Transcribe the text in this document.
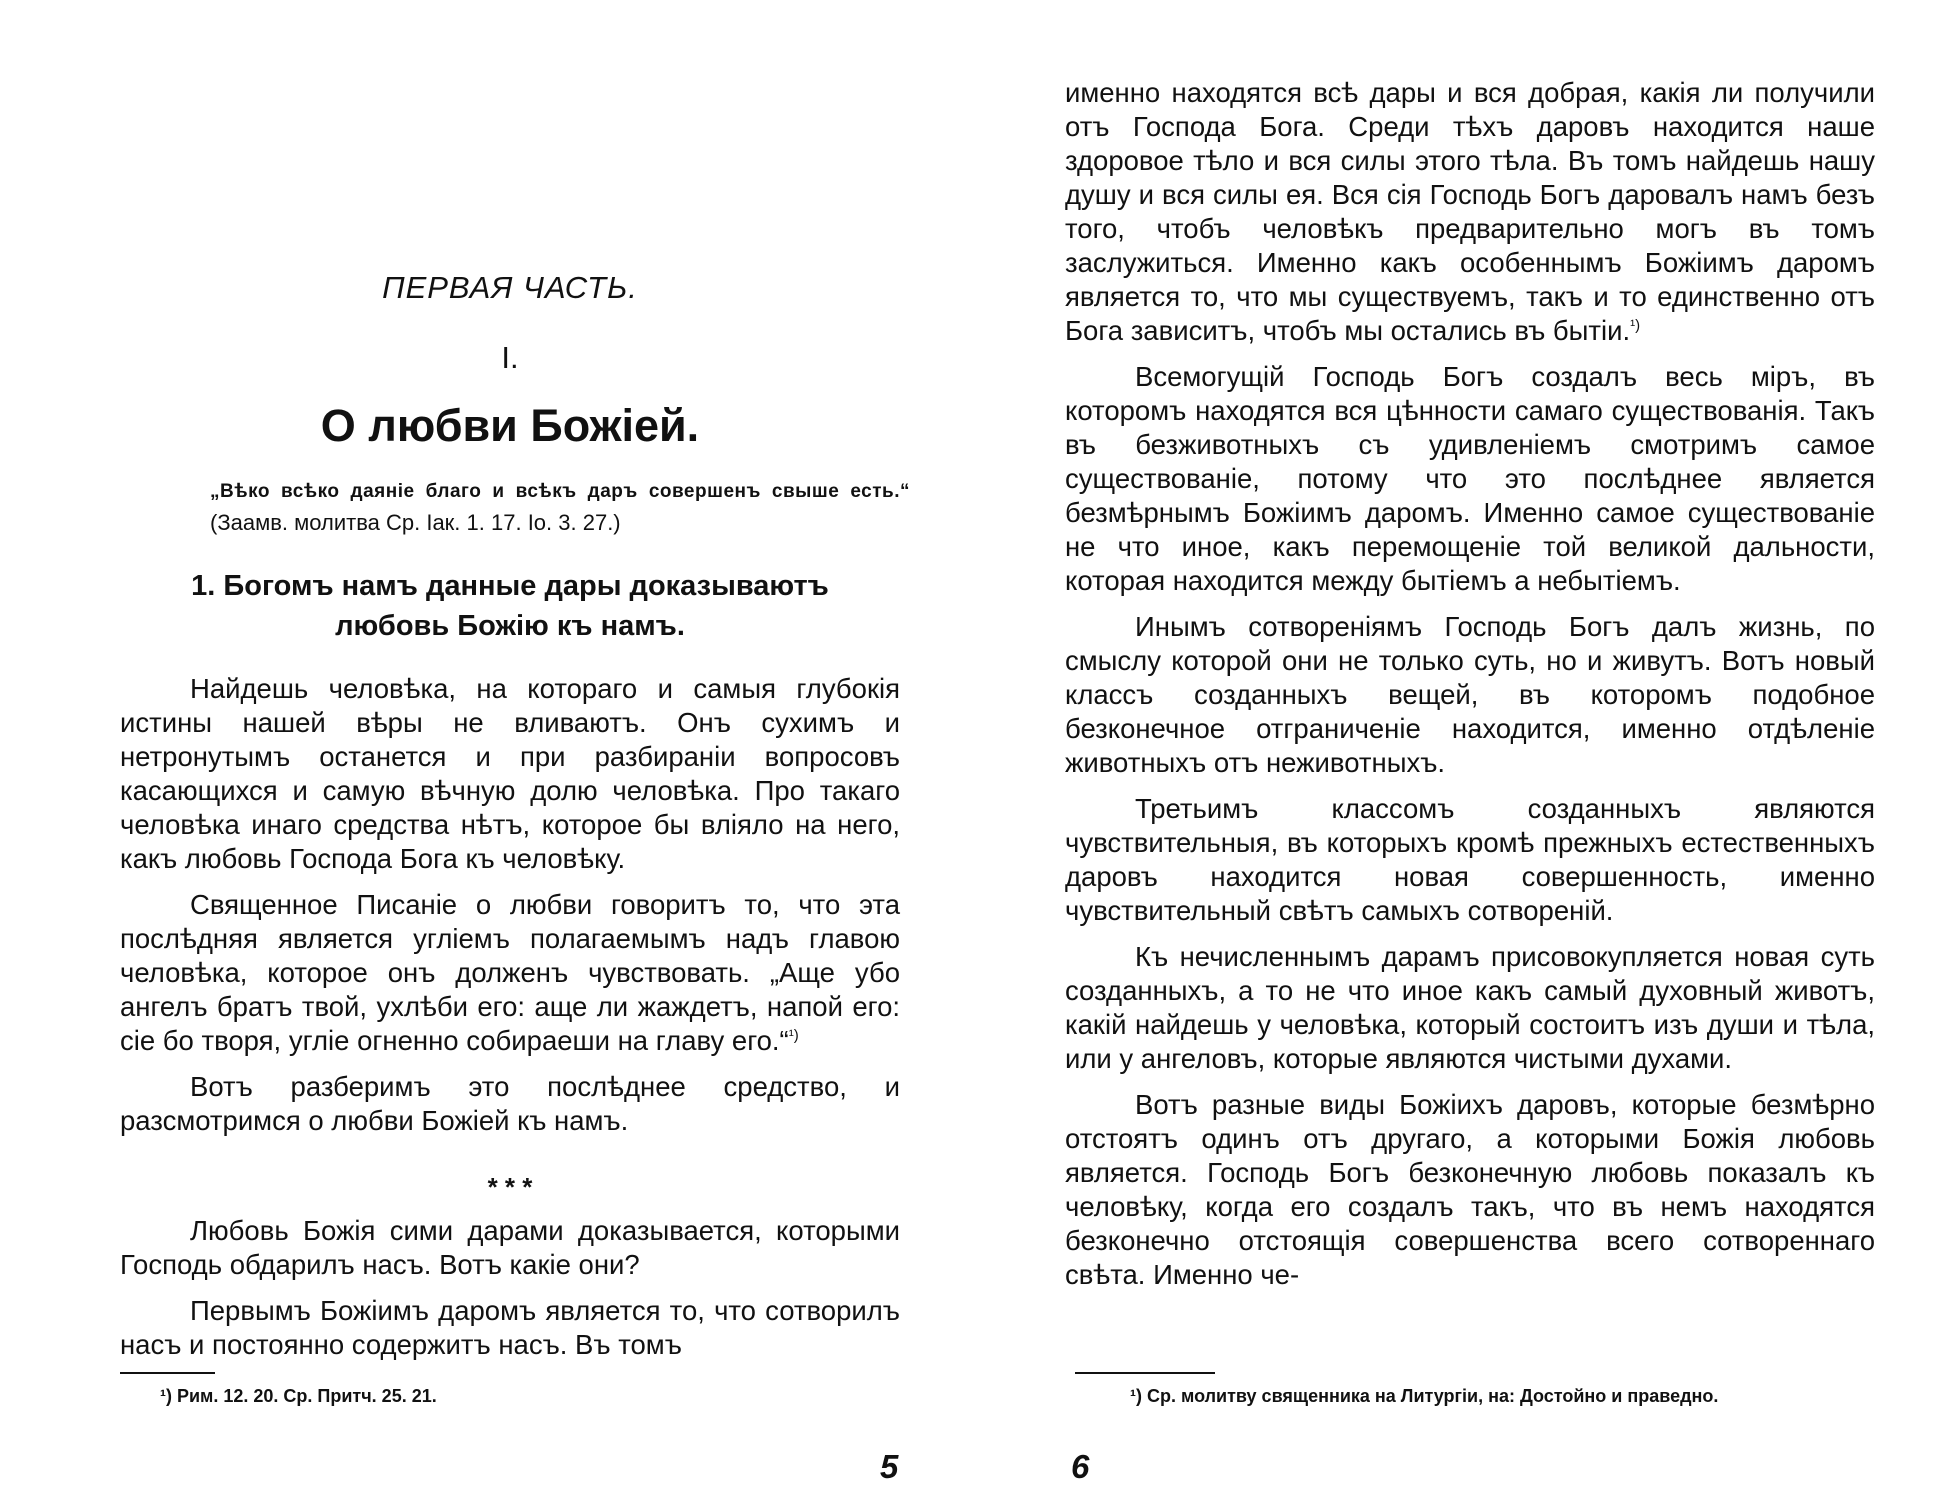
ПЕРВАЯ ЧАСТЬ.
I.
О любви Божіей.
„Вѣко всѣко даяніе благо и всѣкъ даръ совершенъ свыше есть.“ (Заамв. молитва Ср. Іак. 1. 17. Іо. 3. 27.)
1. Богомъ намъ данные дары доказываютъ
любовь Божію къ намъ.

Найдешь человѣка, на котораго и самыя глубокія истины нашей вѣры не вливаютъ. Онъ сухимъ и нетронутымъ останется и при разбираніи вопросовъ касающихся и самую вѣчную долю человѣка. Про такаго человѣка инаго средства нѣтъ, которое бы вліяло на него, какъ любовь Господа Бога къ человѣку.

Священное Писаніе о любви говоритъ то, что эта послѣдняя является углiемъ полагаемымъ надъ главою человѣка, которое онъ долженъ чувствовать. „Аще убо ангелъ братъ твой, ухлѣби его: аще ли жаждетъ, напой его: сіе бо творя, угліе огненно собираеши на главу его.“$^{^1)}$

Вотъ разберимъ это послѣднее средство, и разсмотримся о любви Божіей къ намъ.

* * *

Любовь Божія сими дарами доказывается, которыми Господь обдарилъ насъ. Вотъ какіе они?

Первымъ Божіимъ даромъ является то, что сотворилъ насъ и постоянно содержитъ насъ. Въ томъ

¹) Рим. 12. 20. Ср. Притч. 25. 21.
5

именно находятся всѣ дары и вся добрая, какія ли получили отъ Господа Бога. Среди тѣхъ даровъ находится наше здоровое тѣло и вся силы этого тѣла. Въ томъ найдешь нашу душу и вся силы ея. Вся сія Господь Богъ даровалъ намъ безъ того, чтобъ человѣкъ предварительно могъ въ томъ заслужиться. Именно какъ особеннымъ Божіимъ даромъ является то, что мы существуемъ, такъ и то единственно отъ Бога зависитъ, чтобъ мы остались въ бытіи.$^{^1)}$

Всемогущій Господь Богъ создалъ весь міръ, въ которомъ находятся вся цѣнности самаго существованія. Такъ въ безживотныхъ съ удивленіемъ смотримъ самое существованіе, потому что это послѣднее является безмѣрнымъ Божіимъ даромъ. Именно самое существованіе не что иное, какъ перемощеніе той великой дальности, которая находится между бытіемъ а небытіемъ.

Инымъ сотвореніямъ Господь Богъ далъ жизнь, по смыслу которой они не только суть, но и живутъ. Вотъ новый классъ созданныхъ вещей, въ которомъ подобное безконечное отграниченіе находится, именно отдѣленіе животныхъ отъ неживотныхъ.

Третьимъ классомъ созданныхъ являются чувствительныя, въ которыхъ кромѣ прежныхъ естественныхъ даровъ находится новая совершенность, именно чувствительный свѣтъ самыхъ сотвореній.

Къ нечисленнымъ дарамъ присовокупляется новая суть созданныхъ, а то не что иное какъ самый духовный животъ, какій найдешь у человѣка, который состоитъ изъ души и тѣла, или у ангеловъ, которые являются чистыми духами.

Вотъ разные виды Божіихъ даровъ, которые безмѣрно отстоятъ одинъ отъ другаго, а которыми Божія любовь является. Господь Богъ безконечную любовь показалъ къ человѣку, когда его создалъ такъ, что въ немъ находятся безконечно отстоящія совершенства всего сотвореннаго свѣта. Именно че-

¹) Ср. молитву священника на Литургіи, на: Достойно и праведно.
6
